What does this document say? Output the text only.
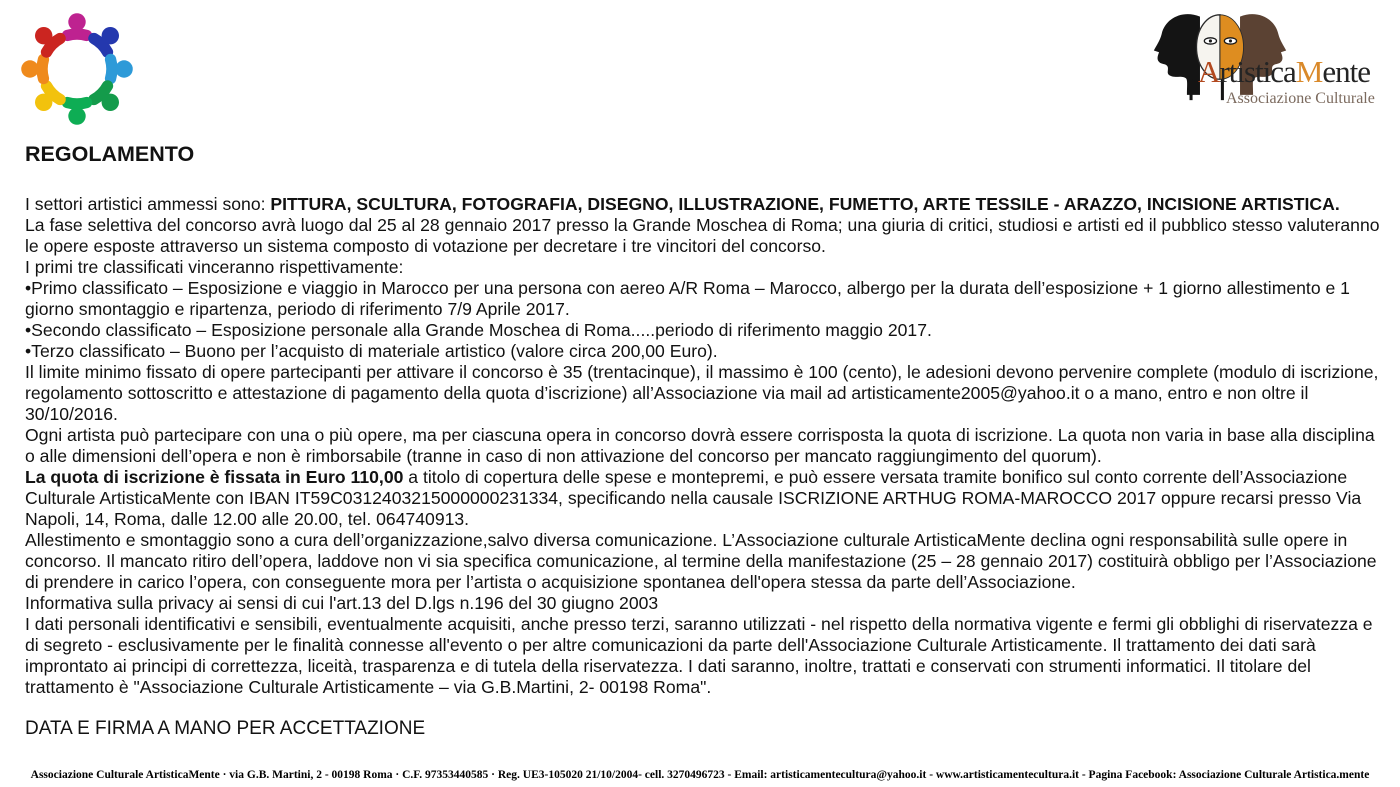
ArtisticaMente
Associazione Culturale
REGOLAMENTO

I settori artistici ammessi sono: PITTURA, SCULTURA, FOTOGRAFIA, DISEGNO, ILLUSTRAZIONE, FUMETTO, ARTE TESSILE - ARAZZO, INCISIONE ARTISTICA.

La fase selettiva del concorso avrà luogo dal 25 al 28 gennaio 2017 presso la Grande Moschea di Roma; una giuria di critici, studiosi e artisti ed il pubblico stesso valuteranno le opere esposte attraverso un sistema composto di votazione per decretare i tre vincitori del concorso.

I primi tre classificati vinceranno rispettivamente:

•Primo classificato – Esposizione e viaggio in Marocco per una persona con aereo A/R Roma – Marocco, albergo per la durata dell’esposizione + 1 giorno allestimento e 1 giorno smontaggio e ripartenza, periodo di riferimento 7/9 Aprile 2017.

•Secondo classificato – Esposizione personale alla Grande Moschea di Roma.....periodo di riferimento maggio 2017.

•Terzo classificato – Buono per l’acquisto di materiale artistico (valore circa 200,00 Euro).

Il limite minimo fissato di opere partecipanti per attivare il concorso è 35 (trentacinque), il massimo è 100 (cento), le adesioni devono pervenire complete (modulo di iscrizione, regolamento sottoscritto e attestazione di pagamento della quota d’iscrizione) all’Associazione via mail ad artisticamente2005@yahoo.it o a mano, entro e non oltre il 30/10/2016.

Ogni artista può partecipare con una o più opere, ma per ciascuna opera in concorso dovrà essere corrisposta la quota di iscrizione. La quota non varia in base alla disciplina o alle dimensioni dell’opera e non è rimborsabile (tranne in caso di non attivazione del concorso per mancato raggiungimento del quorum).

La quota di iscrizione è fissata in Euro 110,00 a titolo di copertura delle spese e montepremi, e può essere versata tramite bonifico sul conto corrente dell’Associazione Culturale ArtisticaMente con IBAN IT59C0312403215000000231334, specificando nella causale ISCRIZIONE ARTHUG ROMA-MAROCCO 2017 oppure recarsi presso Via Napoli, 14, Roma, dalle 12.00 alle 20.00, tel. 064740913.

Allestimento e smontaggio sono a cura dell’organizzazione,salvo diversa comunicazione. L’Associazione culturale ArtisticaMente declina ogni responsabilità sulle opere in concorso. Il mancato ritiro dell’opera, laddove non vi sia specifica comunicazione, al termine della manifestazione (25 – 28 gennaio 2017) costituirà obbligo per l’Associazione di prendere in carico l’opera, con conseguente mora per l’artista o acquisizione spontanea dell'opera stessa da parte dell’Associazione.

Informativa sulla privacy ai sensi di cui l'art.13 del D.lgs n.196 del 30 giugno 2003

I dati personali identificativi e sensibili, eventualmente acquisiti, anche presso terzi, saranno utilizzati - nel rispetto della normativa vigente e fermi gli obblighi di riservatezza e di segreto - esclusivamente per le finalità connesse all'evento o per altre comunicazioni da parte dell'Associazione Culturale Artisticamente. Il trattamento dei dati sarà improntato ai principi di correttezza, liceità, trasparenza e di tutela della riservatezza. I dati saranno, inoltre, trattati e conservati con strumenti informatici. Il titolare del trattamento è "Associazione Culturale Artisticamente – via G.B.Martini, 2- 00198 Roma".

DATA E FIRMA A MANO PER ACCETTAZIONE
Associazione Culturale ArtisticaMente · via G.B. Martini, 2 - 00198 Roma · C.F. 97353440585 · Reg. UE3-105020 21/10/2004- cell. 3270496723 - Email: artisticamentecultura@yahoo.it - www.artisticamentecultura.it - Pagina Facebook: Associazione Culturale Artistica.mente
